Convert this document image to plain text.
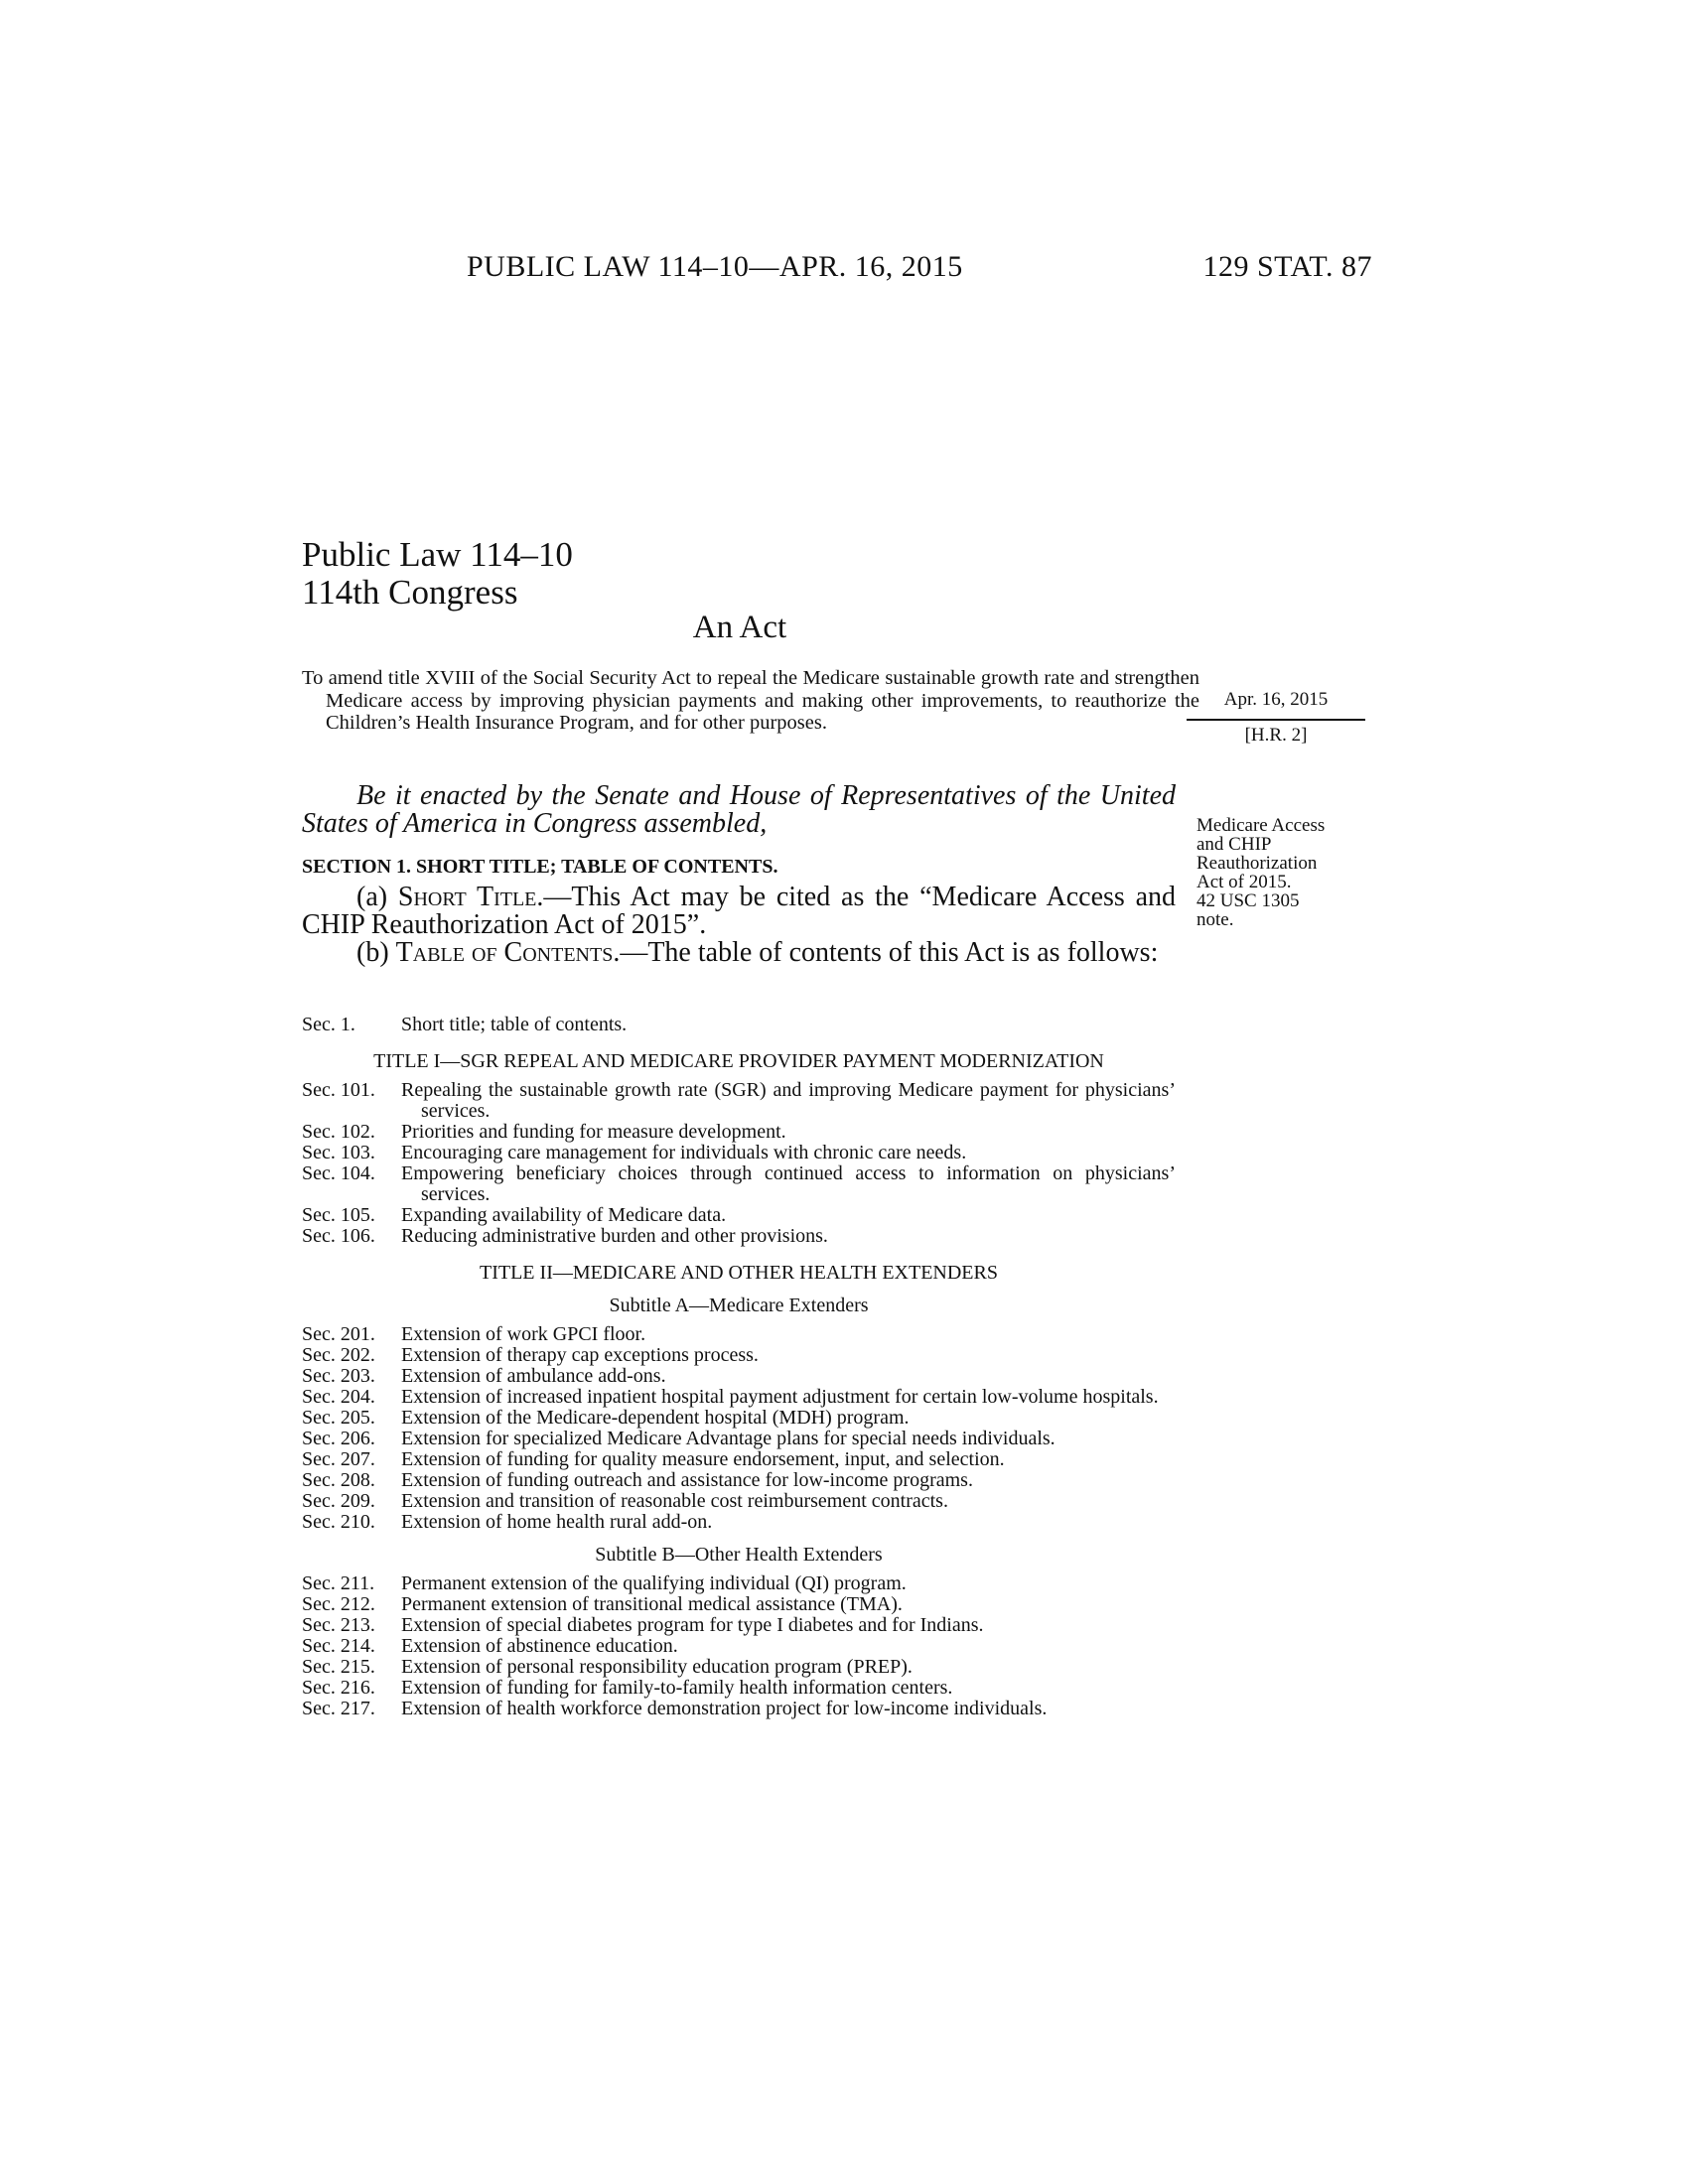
PUBLIC LAW 114–10—APR. 16, 2015	129 STAT. 87
Public Law 114–10
114th Congress
An Act
To amend title XVIII of the Social Security Act to repeal the Medicare sustainable growth rate and strengthen Medicare access by improving physician payments and making other improvements, to reauthorize the Children’s Health Insurance Program, and for other purposes.
Apr. 16, 2015
[H.R. 2]
Be it enacted by the Senate and House of Representatives of the United States of America in Congress assembled,	Medicare Access
and CHIP
Reauthorization
Act of 2015.
42 USC 1305
note.
SECTION 1. SHORT TITLE; TABLE OF CONTENTS.
(a) Short Title.—This Act may be cited as the “Medicare Access and CHIP Reauthorization Act of 2015”.
(b) Table of Contents.—The table of contents of this Act is as follows:
Sec. 1.	Short title; table of contents.
TITLE I—SGR REPEAL AND MEDICARE PROVIDER PAYMENT MODERNIZATION
Sec. 101.	Repealing the sustainable growth rate (SGR) and improving Medicare payment for physicians’ services.
Sec. 102.	Priorities and funding for measure development.
Sec. 103.	Encouraging care management for individuals with chronic care needs.
Sec. 104.	Empowering beneficiary choices through continued access to information on physicians’ services.
Sec. 105.	Expanding availability of Medicare data.
Sec. 106.	Reducing administrative burden and other provisions.
TITLE II—MEDICARE AND OTHER HEALTH EXTENDERS
Subtitle A—Medicare Extenders
Sec. 201.	Extension of work GPCI floor.
Sec. 202.	Extension of therapy cap exceptions process.
Sec. 203.	Extension of ambulance add-ons.
Sec. 204.	Extension of increased inpatient hospital payment adjustment for certain low-volume hospitals.
Sec. 205.	Extension of the Medicare-dependent hospital (MDH) program.
Sec. 206.	Extension for specialized Medicare Advantage plans for special needs individuals.
Sec. 207.	Extension of funding for quality measure endorsement, input, and selection.
Sec. 208.	Extension of funding outreach and assistance for low-income programs.
Sec. 209.	Extension and transition of reasonable cost reimbursement contracts.
Sec. 210.	Extension of home health rural add-on.
Subtitle B—Other Health Extenders
Sec. 211.	Permanent extension of the qualifying individual (QI) program.
Sec. 212.	Permanent extension of transitional medical assistance (TMA).
Sec. 213.	Extension of special diabetes program for type I diabetes and for Indians.
Sec. 214.	Extension of abstinence education.
Sec. 215.	Extension of personal responsibility education program (PREP).
Sec. 216.	Extension of funding for family-to-family health information centers.
Sec. 217.	Extension of health workforce demonstration project for low-income individuals.
